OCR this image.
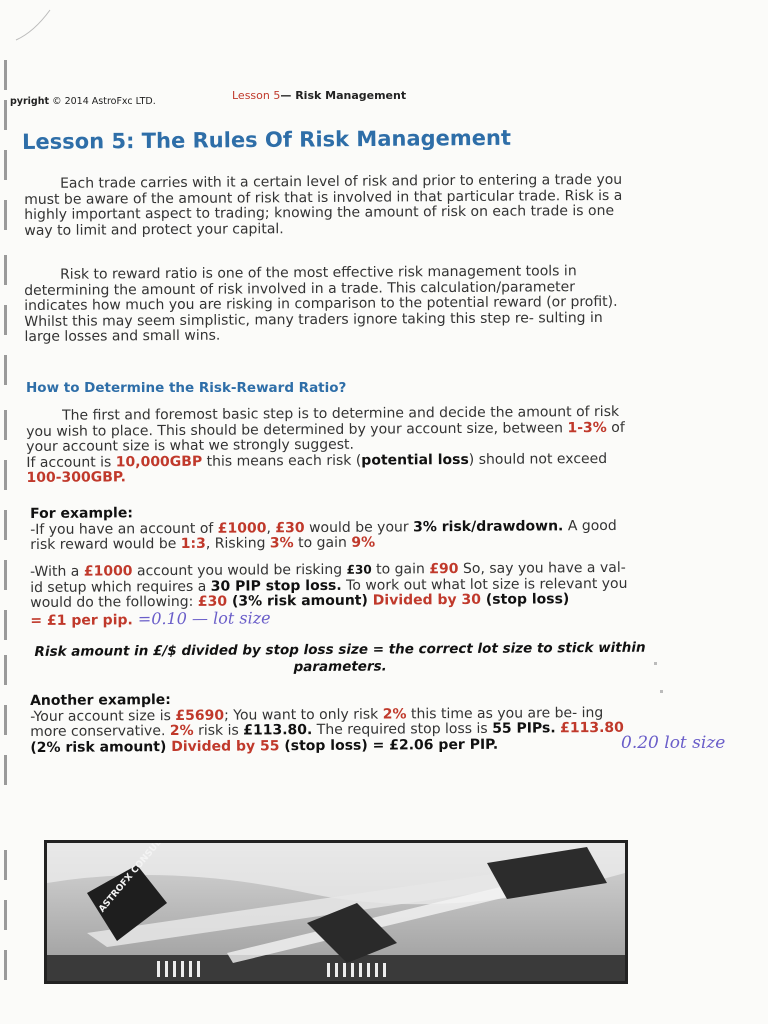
pyright © 2014 AstroFxc LTD.	Lesson 5— Risk Management
Lesson 5: The Rules Of Risk Management
Each trade carries with it a certain level of risk and prior to entering a trade you must be aware of the amount of risk that is involved in that particular trade. Risk is a highly important aspect to trading; knowing the amount of risk on each trade is one way to limit and protect your capital.
Risk to reward ratio is one of the most effective risk management tools in determining the amount of risk involved in a trade. This calculation/parameter indicates how much you are risking in comparison to the potential reward (or profit). Whilst this may seem simplistic, many traders ignore taking this step re- sulting in large losses and small wins.
How to Determine the Risk-Reward Ratio?
The first and foremost basic step is to determine and decide the amount of risk you wish to place. This should be determined by your account size, between 1-3% of your account size is what we strongly suggest.
If account is 10,000GBP this means each risk (potential loss) should not exceed
100-300GBP.
For example:
-If you have an account of £1000, £30 would be your 3% risk/drawdown. A good risk reward would be 1:3, Risking 3% to gain 9%
-With a £1000 account you would be risking £30 to gain £90 So, say you have a val- id setup which requires a 30 PIP stop loss. To work out what lot size is relevant you would do the following: £30 (3% risk amount) Divided by 30 (stop loss)
= £1 per pip. =0.10 — lot size
Risk amount in £/$ divided by stop loss size = the correct lot size to stick within parameters.
Another example:
-Your account size is £5690; You want to only risk 2% this time as you are be- ing more conservative. 2% risk is £113.80. The required stop loss is 55 PIPs. £113.80 (2% risk amount) Divided by 55 (stop loss) = £2.06 per PIP.	0.20 lot size
ASTROFX
